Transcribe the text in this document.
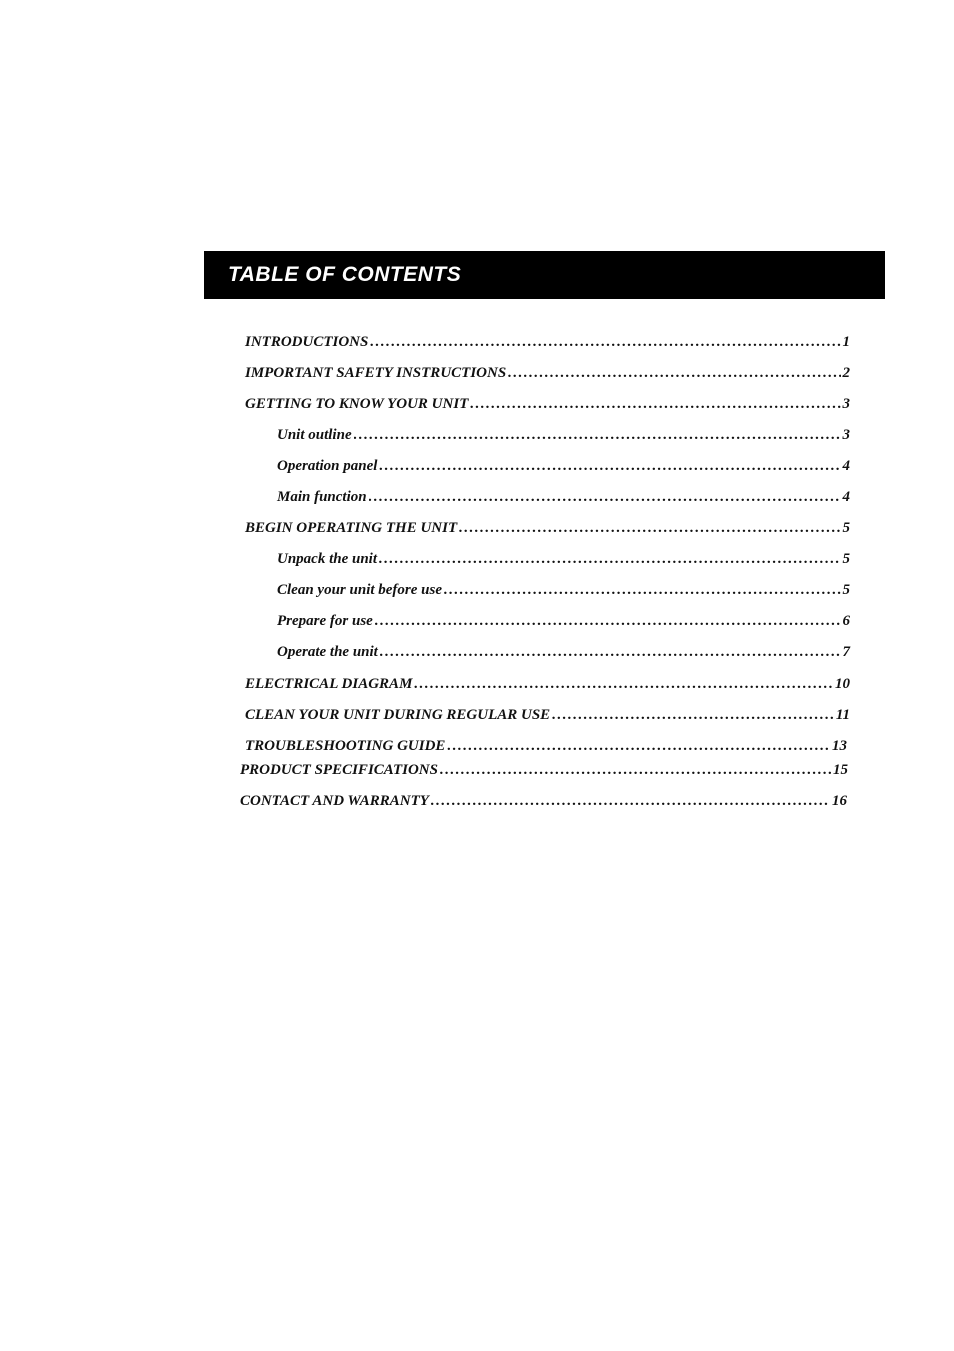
TABLE OF CONTENTS
INTRODUCTIONS .....	1
IMPORTANT SAFETY INSTRUCTIONS .....	2
GETTING TO KNOW YOUR UNIT .....	3
Unit outline .....	3
Operation panel .....	4
Main function .....	4
BEGIN OPERATING THE UNIT .....	5
Unpack the unit .....	5
Clean your unit before use .....	5
Prepare for use .....	6
Operate the unit .....	7
ELECTRICAL DIAGRAM .....	10
CLEAN YOUR UNIT DURING REGULAR USE .....	11
TROUBLESHOOTING GUIDE .....	13
PRODUCT SPECIFICATIONS .....	15
CONTACT AND WARRANTY .....	16
